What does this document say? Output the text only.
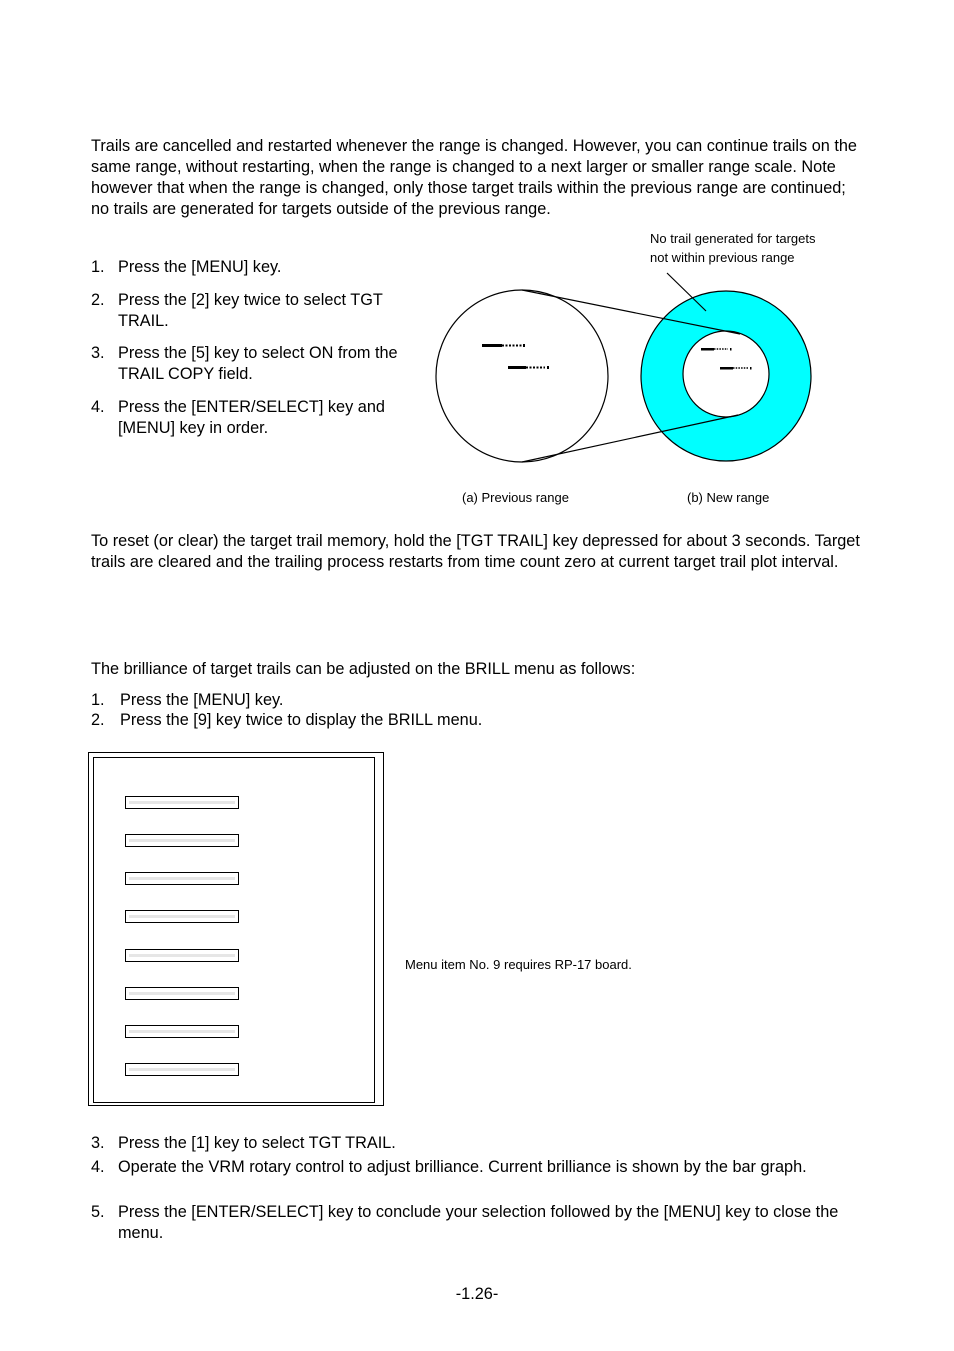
Trails are cancelled and restarted whenever the range is changed. However, you can continue trails on the same range, without restarting, when the range is changed to a next larger or smaller range scale. Note however that when the range is changed, only those target trails within the previous range are continued; no trails are generated for targets outside of the previous range.

1. Press the [MENU] key.
2. Press the [2] key twice to select TGT TRAIL.
3. Press the [5] key to select ON from the TRAIL COPY field.
4. Press the [ENTER/SELECT] key and [MENU] key in order.

No trail generated for targets

not within previous range

(a) Previous range	(b) New range

To reset (or clear) the target trail memory, hold the [TGT TRAIL] key depressed for about 3 seconds. Target trails are cleared and the trailing process restarts from time count zero at current target trail plot interval.

The brilliance of target trails can be adjusted on the BRILL menu as follows:

1. Press the [MENU] key.
2. Press the [9] key twice to display the BRILL menu.

Menu item No. 9 requires RP-17 board.

3. Press the [1] key to select TGT TRAIL.
4. Operate the VRM rotary control to adjust brilliance. Current brilliance is shown by the bar graph.
5. Press the [ENTER/SELECT] key to conclude your selection followed by the [MENU] key to close the menu.
-1.26-
